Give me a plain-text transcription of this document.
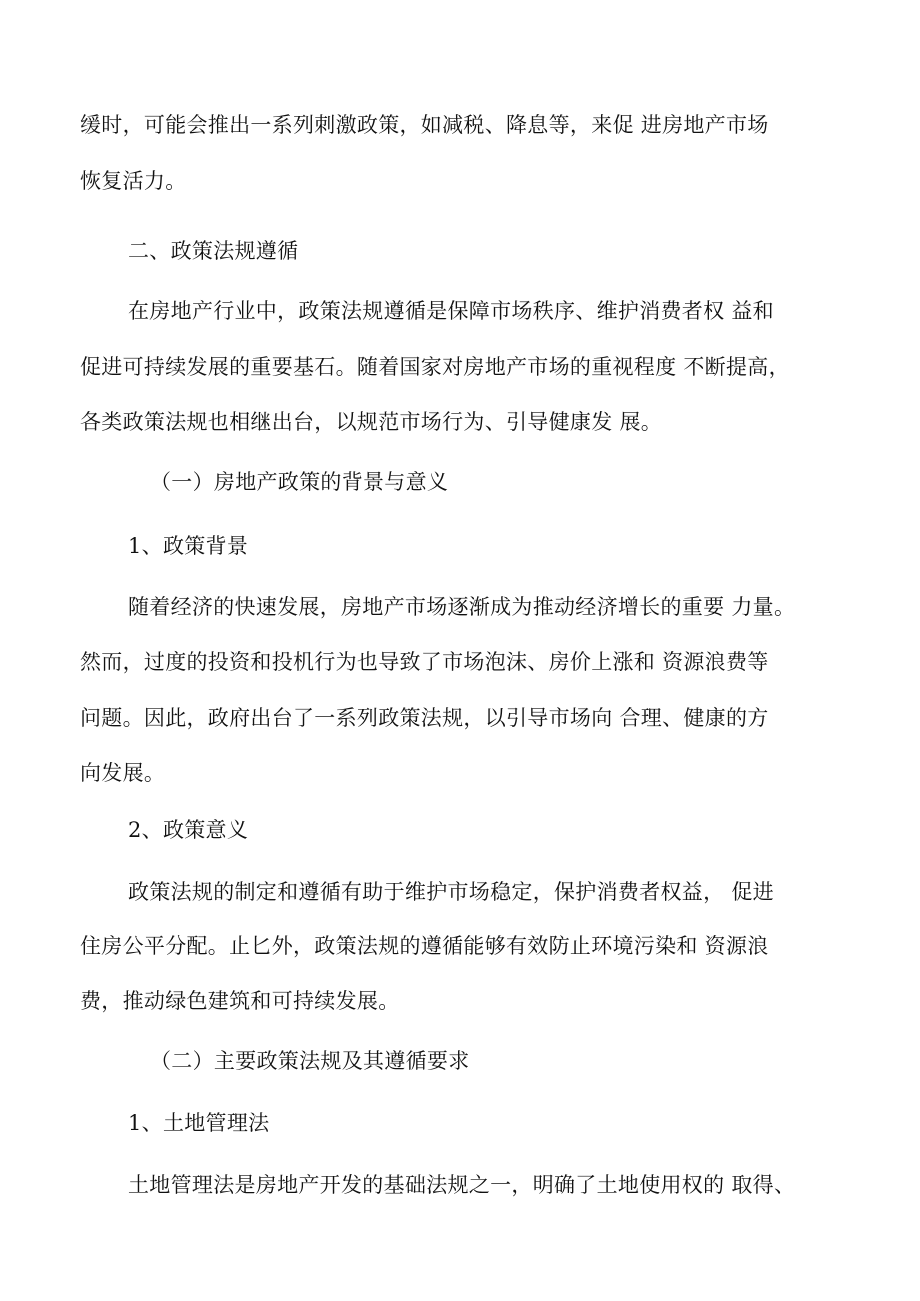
缓时，可能会推出一系列刺激政策，如减税、降息等，来促 进房地产市场
恢复活力。
二、政策法规遵循
在房地产行业中，政策法规遵循是保障市场秩序、维护消费者权 益和
促进可持续发展的重要基石。随着国家对房地产市场的重视程度 不断提高，
各类政策法规也相继出台，以规范市场行为、引导健康发 展。
（一）房地产政策的背景与意义
1、政策背景
随着经济的快速发展，房地产市场逐渐成为推动经济增长的重要 力量。
然而，过度的投资和投机行为也导致了市场泡沫、房价上涨和 资源浪费等
问题。因此，政府出台了一系列政策法规，以引导市场向 合理、健康的方
向发展。
2、政策意义
政策法规的制定和遵循有助于维护市场稳定，保护消费者权益， 促进
住房公平分配。止匕外，政策法规的遵循能够有效防止环境污染和 资源浪
费，推动绿色建筑和可持续发展。
（二）主要政策法规及其遵循要求
1、土地管理法
土地管理法是房地产开发的基础法规之一，明确了土地使用权的 取得、
